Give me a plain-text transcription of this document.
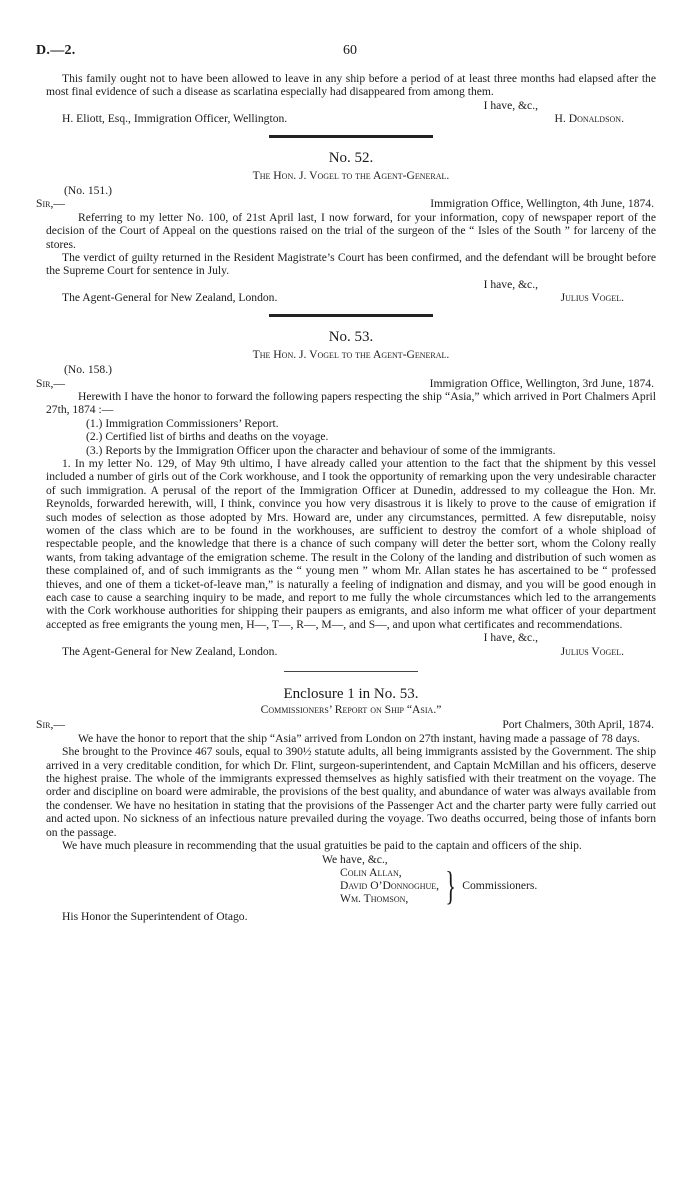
D.—2.	60

This family ought not to have been allowed to leave in any ship before a period of at least three months had elapsed after the most final evidence of such a disease as scarlatina especially had disappeared from among them.

I have, &c.,

H. Eliott, Esq., Immigration Officer, Wellington.	H. Donaldson.
No. 52.
The Hon. J. Vogel to the Agent-General.
(No. 151.)
Sir,—	Immigration Office, Wellington, 4th June, 1874.

Referring to my letter No. 100, of 21st April last, I now forward, for your information, copy of newspaper report of the decision of the Court of Appeal on the questions raised on the trial of the surgeon of the “ Isles of the South ” for larceny of the stores.

The verdict of guilty returned in the Resident Magistrate’s Court has been confirmed, and the defendant will be brought before the Supreme Court for sentence in July.

I have, &c.,

The Agent-General for New Zealand, London.	Julius Vogel.
No. 53.
The Hon. J. Vogel to the Agent-General.
(No. 158.)
Sir,—	Immigration Office, Wellington, 3rd June, 1874.

Herewith I have the honor to forward the following papers respecting the ship “Asia,” which arrived in Port Chalmers April 27th, 1874 :—

(1.) Immigration Commissioners’ Report.

(2.) Certified list of births and deaths on the voyage.

(3.) Reports by the Immigration Officer upon the character and behaviour of some of the immigrants.

1. In my letter No. 129, of May 9th ultimo, I have already called your attention to the fact that the shipment by this vessel included a number of girls out of the Cork workhouse, and I took the opportunity of remarking upon the very undesirable character of such immigration. A perusal of the report of the Immigration Officer at Dunedin, addressed to my colleague the Hon. Mr. Reynolds, forwarded herewith, will, I think, convince you how very disastrous it is likely to prove to the cause of emigration if such modes of selection as those adopted by Mrs. Howard are, under any circumstances, permitted. A few disreputable, noisy women of the class which are to be found in the workhouses, are sufficient to destroy the comfort of a whole shipload of respectable people, and the knowledge that there is a chance of such company will deter the better sort, whom the Colony really wants, from taking advantage of the emigration scheme. The result in the Colony of the landing and distribution of such women as these complained of, and of such immigrants as the “ young men ” whom Mr. Allan states he has ascertained to be “ professed thieves, and one of them a ticket-of-leave man,” is naturally a feeling of indignation and dismay, and you will be good enough in each case to cause a searching inquiry to be made, and report to me fully the whole circumstances which led to the arrangements with the Cork workhouse authorities for shipping their paupers as emigrants, and also inform me what officer of your department accepted as free emigrants the young men, H—, T—, R—, M—, and S—, and upon what certificates and recommendations.

I have, &c.,

The Agent-General for New Zealand, London.	Julius Vogel.
Enclosure 1 in No. 53.
Commissioners’ Report on Ship “Asia.”
Sir,—	Port Chalmers, 30th April, 1874.

We have the honor to report that the ship “Asia” arrived from London on 27th instant, having made a passage of 78 days.

She brought to the Province 467 souls, equal to 390½ statute adults, all being immigrants assisted by the Government. The ship arrived in a very creditable condition, for which Dr. Flint, surgeon-superintendent, and Captain McMillan and his officers, deserve the highest praise. The whole of the immigrants expressed themselves as highly satisfied with their treatment on the voyage. The order and discipline on board were admirable, the provisions of the best quality, and abundance of water was always available from the condenser. We have no hesitation in stating that the provisions of the Passenger Act and the charter party were fully carried out and acted upon. No sickness of an infectious nature prevailed during the voyage. Two deaths occurred, being those of infants born on the passage.

We have much pleasure in recommending that the usual gratuities be paid to the captain and officers of the ship.

We have, &c.,

Colin Allan,
David O’Donnoghue,
Wm. Thomson, } Commissioners.

His Honor the Superintendent of Otago.
